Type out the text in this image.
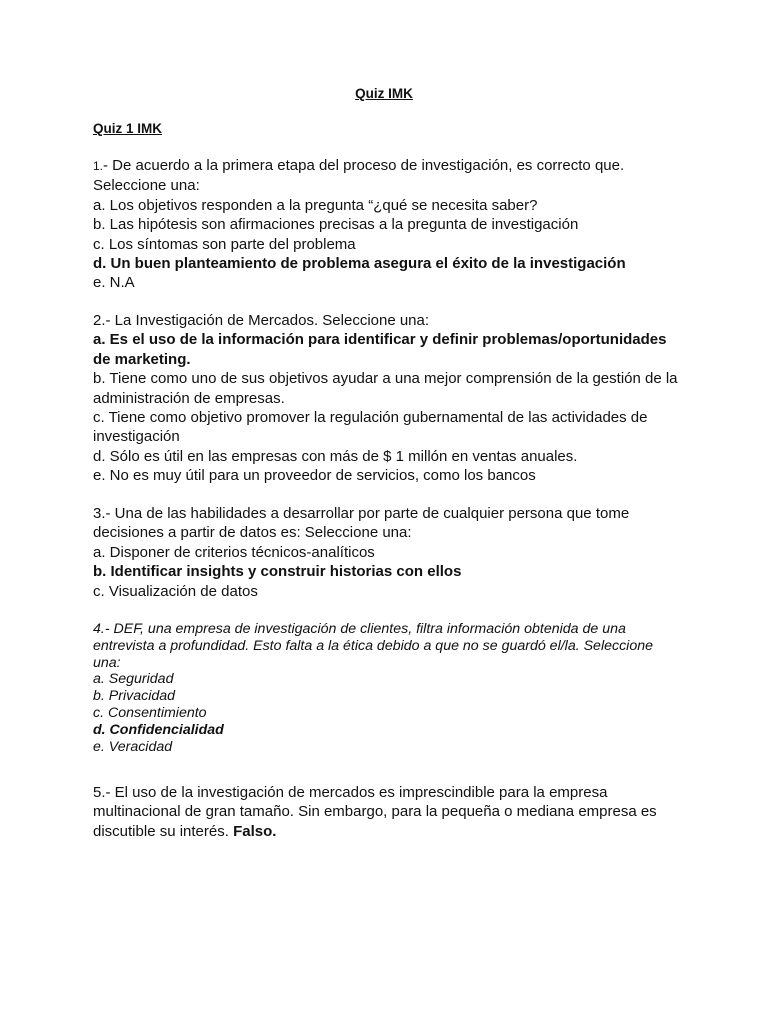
Quiz IMK
Quiz 1 IMK

1.- De acuerdo a la primera etapa del proceso de investigación, es correcto que.

Seleccione una:

a. Los objetivos responden a la pregunta “¿qué se necesita saber?

b. Las hipótesis son afirmaciones precisas a la pregunta de investigación

c. Los síntomas son parte del problema

d. Un buen planteamiento de problema asegura el éxito de la investigación

e. N.A

2.- La Investigación de Mercados. Seleccione una:

a. Es el uso de la información para identificar y definir problemas/oportunidades de marketing.

b. Tiene como uno de sus objetivos ayudar a una mejor comprensión de la gestión de la administración de empresas.

c. Tiene como objetivo promover la regulación gubernamental de las actividades de investigación

d. Sólo es útil en las empresas con más de $ 1 millón en ventas anuales.

e. No es muy útil para un proveedor de servicios, como los bancos

3.- Una de las habilidades a desarrollar por parte de cualquier persona que tome decisiones a partir de datos es: Seleccione una:

a. Disponer de criterios técnicos-analíticos

b. Identificar insights y construir historias con ellos

c. Visualización de datos

4.- DEF, una empresa de investigación de clientes, filtra información obtenida de una entrevista a profundidad. Esto falta a la ética debido a que no se guardó el/la. Seleccione una:

a. Seguridad

b. Privacidad

c. Consentimiento

d. Confidencialidad

e. Veracidad

5.- El uso de la investigación de mercados es imprescindible para la empresa multinacional de gran tamaño. Sin embargo, para la pequeña o mediana empresa es discutible su interés. Falso.
